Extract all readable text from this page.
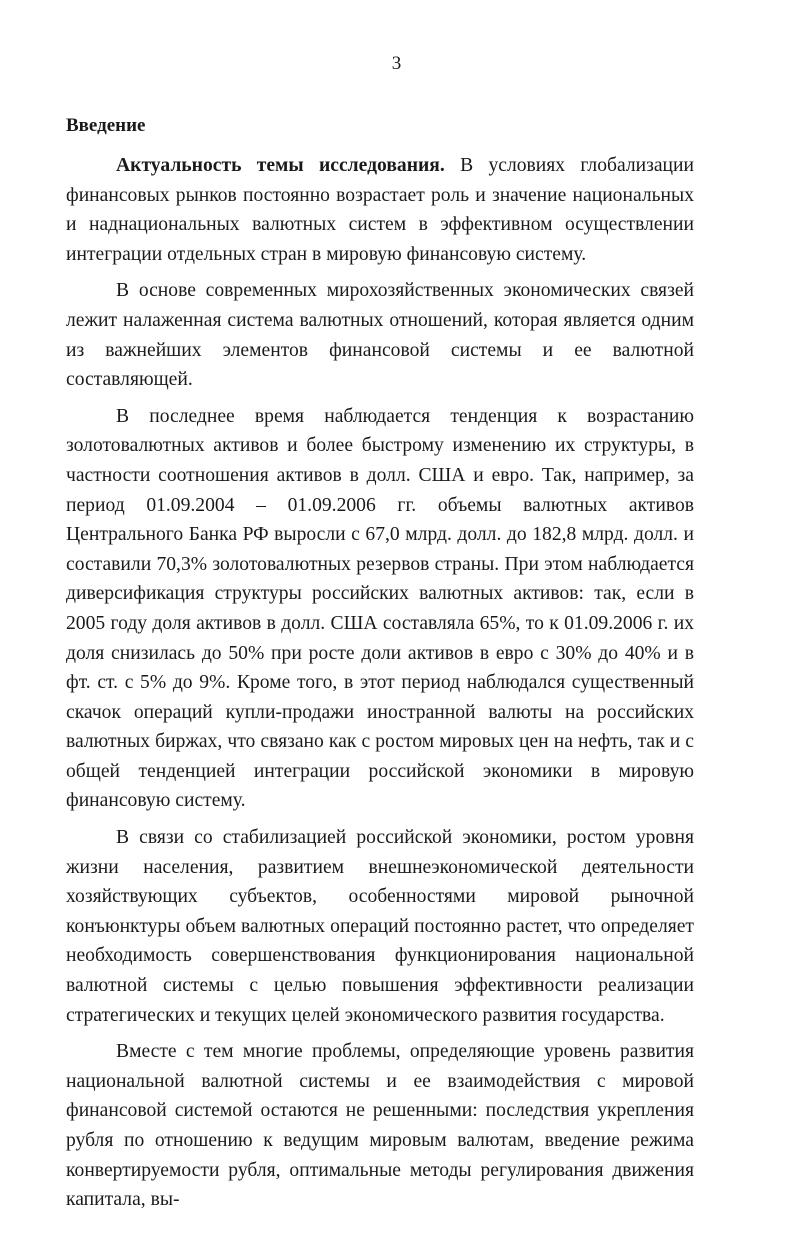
3
Введение

Актуальность темы исследования. В условиях глобализации финансовых рынков постоянно возрастает роль и значение национальных и наднациональных валютных систем в эффективном осуществлении интеграции отдельных стран в мировую финансовую систему.

В основе современных мирохозяйственных экономических связей лежит налаженная система валютных отношений, которая является одним из важнейших элементов финансовой системы и ее валютной составляющей.

В последнее время наблюдается тенденция к возрастанию золотовалютных активов и более быстрому изменению их структуры, в частности соотношения активов в долл. США и евро. Так, например, за период 01.09.2004 – 01.09.2006 гг. объемы валютных активов Центрального Банка РФ выросли с 67,0 млрд. долл. до 182,8 млрд. долл. и составили 70,3% золотовалютных резервов страны. При этом наблюдается диверсификация структуры российских валютных активов: так, если в 2005 году доля активов в долл. США составляла 65%, то к 01.09.2006 г. их доля снизилась до 50% при росте доли активов в евро с 30% до 40% и в фт. ст. с 5% до 9%. Кроме того, в этот период наблюдался существенный скачок операций купли-продажи иностранной валюты на российских валютных биржах, что связано как с ростом мировых цен на нефть, так и с общей тенденцией интеграции российской экономики в мировую финансовую систему.

В связи со стабилизацией российской экономики, ростом уровня жизни населения, развитием внешнеэкономической деятельности хозяйствующих субъектов, особенностями мировой рыночной конъюнктуры объем валютных операций постоянно растет, что определяет необходимость совершенствования функционирования национальной валютной системы с целью повышения эффективности реализации стратегических и текущих целей экономического развития государства.

Вместе с тем многие проблемы, определяющие уровень развития национальной валютной системы и ее взаимодействия с мировой финансовой системой остаются не решенными: последствия укрепления рубля по отношению к ведущим мировым валютам, введение режима конвертируемости рубля, оптимальные методы регулирования движения капитала, вы-
